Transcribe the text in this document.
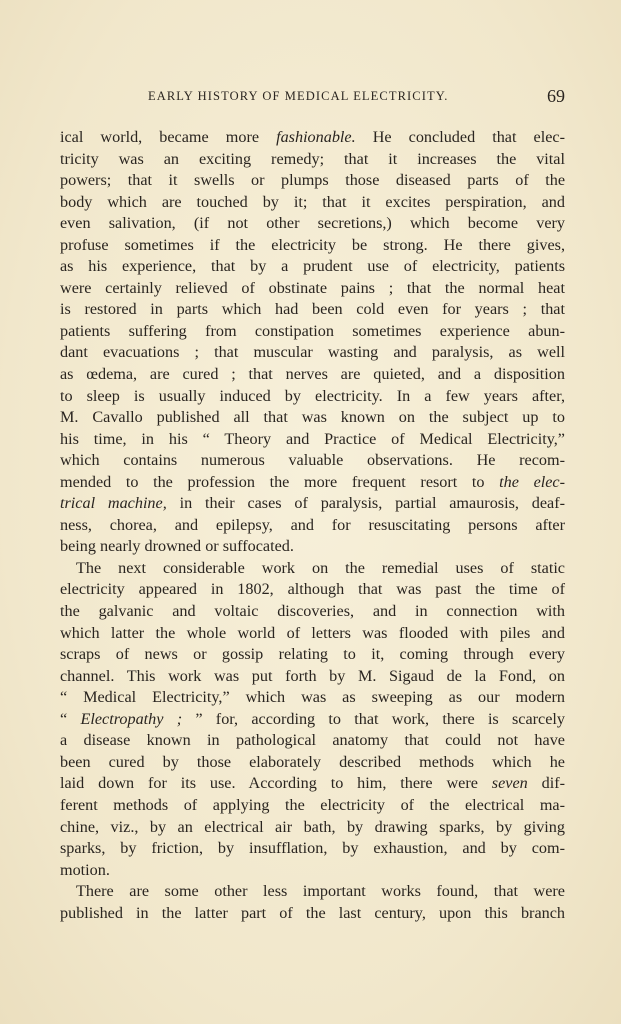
EARLY HISTORY OF MEDICAL ELECTRICITY.	69
ical world, became more fashionable. He concluded that elec-
tricity was an exciting remedy; that it increases the vital
powers; that it swells or plumps those diseased parts of the
body which are touched by it; that it excites perspiration, and
even salivation, (if not other secretions,) which become very
profuse sometimes if the electricity be strong. He there gives,
as his experience, that by a prudent use of electricity, patients
were certainly relieved of obstinate pains ; that the normal heat
is restored in parts which had been cold even for years ; that
patients suffering from constipation sometimes experience abun-
dant evacuations ; that muscular wasting and paralysis, as well
as œdema, are cured ; that nerves are quieted, and a disposition
to sleep is usually induced by electricity. In a few years after,
M. Cavallo published all that was known on the subject up to
his time, in his “ Theory and Practice of Medical Electricity,”
which contains numerous valuable observations. He recom-
mended to the profession the more frequent resort to the elec-
trical machine, in their cases of paralysis, partial amaurosis, deaf-
ness, chorea, and epilepsy, and for resuscitating persons after
being nearly drowned or suffocated.
The next considerable work on the remedial uses of static
electricity appeared in 1802, although that was past the time of
the galvanic and voltaic discoveries, and in connection with
which latter the whole world of letters was flooded with piles and
scraps of news or gossip relating to it, coming through every
channel. This work was put forth by M. Sigaud de la Fond, on
“ Medical Electricity,” which was as sweeping as our modern
“ Electropathy ; ” for, according to that work, there is scarcely
a disease known in pathological anatomy that could not have
been cured by those elaborately described methods which he
laid down for its use. According to him, there were seven dif-
ferent methods of applying the electricity of the electrical ma-
chine, viz., by an electrical air bath, by drawing sparks, by giving
sparks, by friction, by insufflation, by exhaustion, and by com-
motion.
There are some other less important works found, that were
published in the latter part of the last century, upon this branch
